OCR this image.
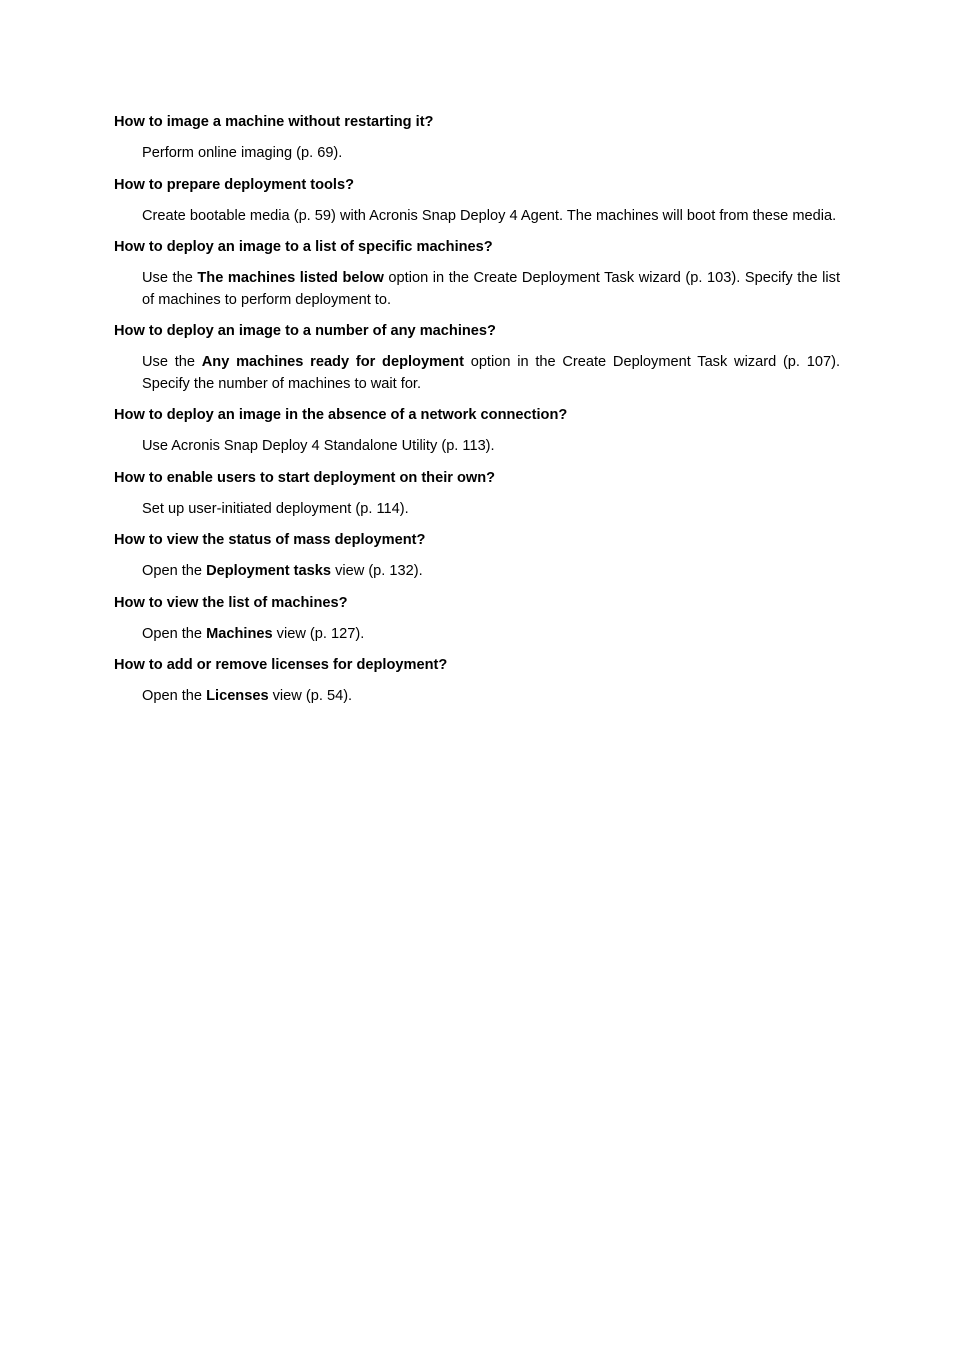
How to image a machine without restarting it?

Perform online imaging (p. 69).

How to prepare deployment tools?

Create bootable media (p. 59) with Acronis Snap Deploy 4 Agent. The machines will boot from these media.

How to deploy an image to a list of specific machines?

Use the The machines listed below option in the Create Deployment Task wizard (p. 103). Specify the list of machines to perform deployment to.

How to deploy an image to a number of any machines?

Use the Any machines ready for deployment option in the Create Deployment Task wizard (p. 107). Specify the number of machines to wait for.

How to deploy an image in the absence of a network connection?

Use Acronis Snap Deploy 4 Standalone Utility (p. 113).

How to enable users to start deployment on their own?

Set up user-initiated deployment (p. 114).

How to view the status of mass deployment?

Open the Deployment tasks view (p. 132).

How to view the list of machines?

Open the Machines view (p. 127).

How to add or remove licenses for deployment?

Open the Licenses view (p. 54).
